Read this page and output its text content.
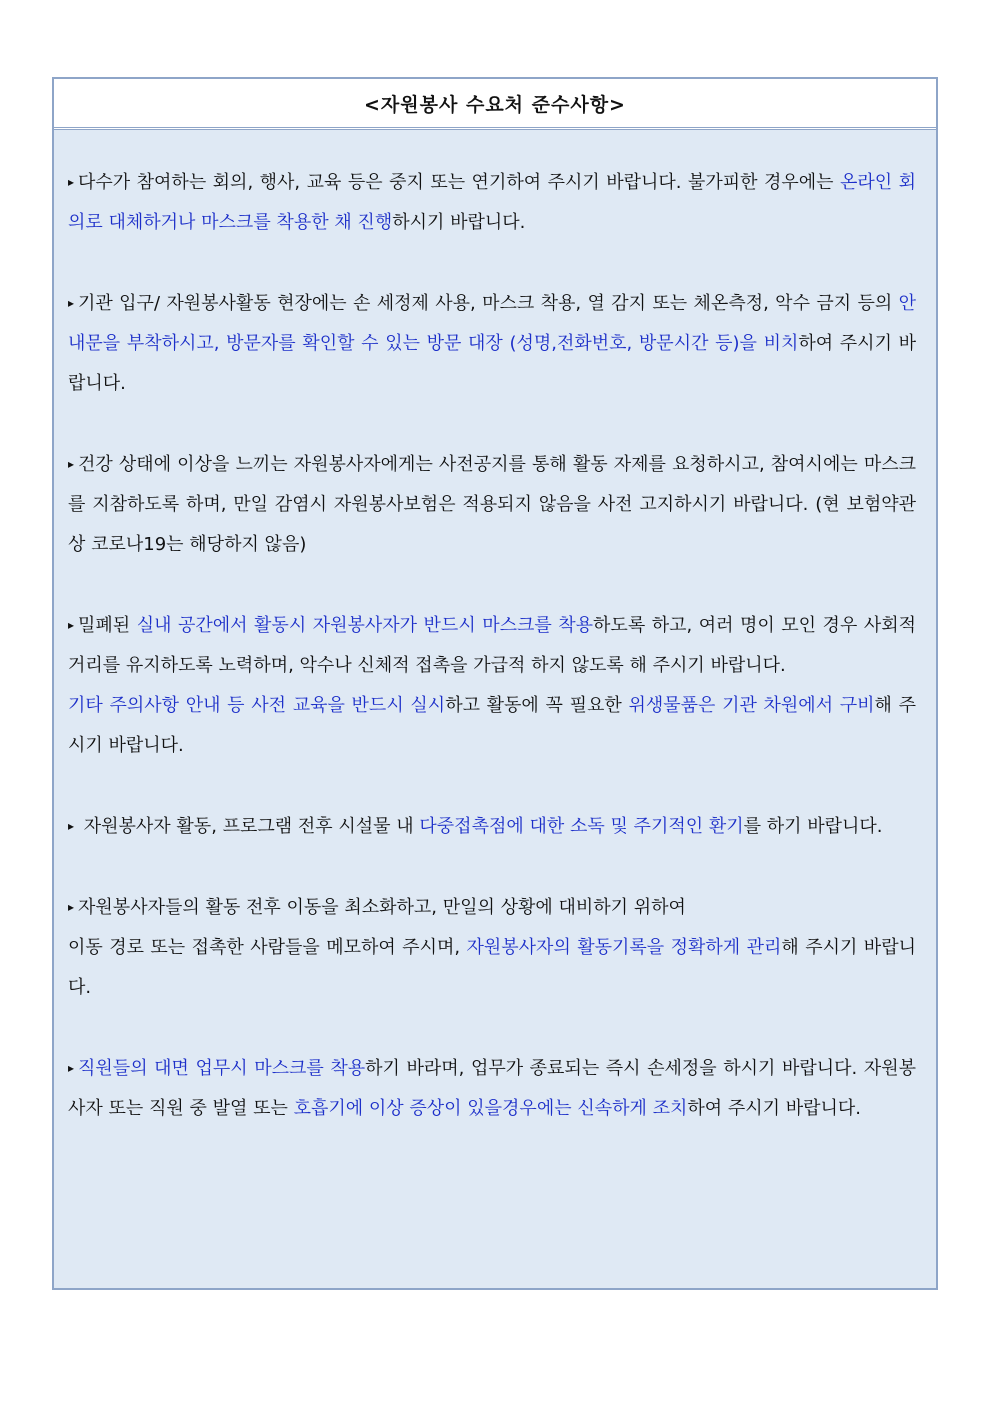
<자원봉사 수요처 준수사항>

▸ 다수가 참여하는 회의, 행사, 교육 등은 중지 또는 연기하여 주시기 바랍니다. 불가피한 경우에는 온라인 회의로 대체하거나 마스크를 착용한 채 진행하시기 바랍니다.

▸ 기관 입구/ 자원봉사활동 현장에는 손 세정제 사용, 마스크 착용, 열 감지 또는 체온측정, 악수 금지 등의 안내문을 부착하시고, 방문자를 확인할 수 있는 방문 대장 (성명,전화번호, 방문시간 등)을 비치하여 주시기 바랍니다.

▸ 건강 상태에 이상을 느끼는 자원봉사자에게는 사전공지를 통해 활동 자제를 요청하시고, 참여시에는 마스크를 지참하도록 하며, 만일 감염시 자원봉사보험은 적용되지 않음을 사전 고지하시기 바랍니다. (현 보험약관상 코로나19는 해당하지 않음)

▸ 밀폐된 실내 공간에서 활동시 자원봉사자가 반드시 마스크를 착용하도록 하고, 여러 명이 모인 경우 사회적 거리를 유지하도록 노력하며, 악수나 신체적 접촉을 가급적 하지 않도록 해 주시기 바랍니다.

기타 주의사항 안내 등 사전 교육을 반드시 실시하고 활동에 꼭 필요한 위생물품은 기관 차원에서 구비해 주시기 바랍니다.

▸ 자원봉사자 활동, 프로그램 전후 시설물 내 다중접촉점에 대한 소독 및 주기적인 환기를 하기 바랍니다.

▸ 자원봉사자들의 활동 전후 이동을 최소화하고, 만일의 상황에 대비하기 위하여

이동 경로 또는 접촉한 사람들을 메모하여 주시며, 자원봉사자의 활동기록을 정확하게 관리해 주시기 바랍니다.

▸ 직원들의 대면 업무시 마스크를 착용하기 바라며, 업무가 종료되는 즉시 손세정을 하시기 바랍니다. 자원봉사자 또는 직원 중 발열 또는 호흡기에 이상 증상이 있을경우에는 신속하게 조치하여 주시기 바랍니다.
